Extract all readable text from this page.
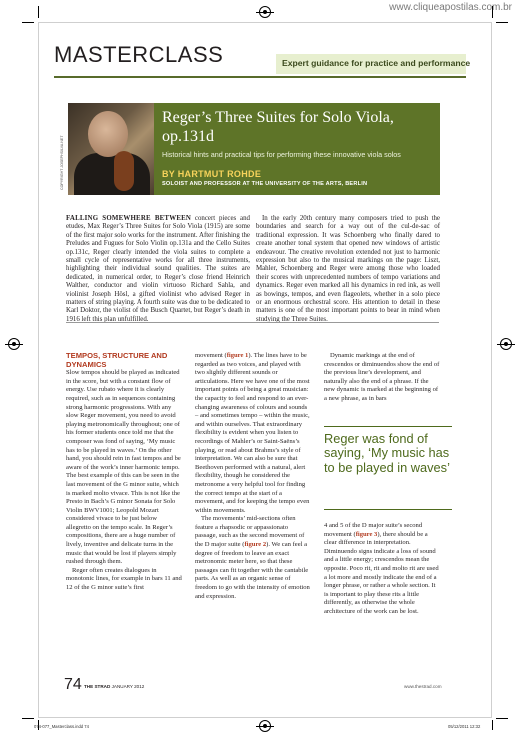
www.cliqueapostilas.com.br
MASTERCLASS	Expert guidance for practice and performance
COPYRIGHT JOSEPHSILVA.NET
Reger’s Three Suites for Solo Viola, op.131d
Historical hints and practical tips for performing these innovative viola solos
BY HARTMUT ROHDE
SOLOIST AND PROFESSOR AT THE UNIVERSITY OF THE ARTS, BERLIN
FALLING SOMEWHERE BETWEEN concert pieces and etudes, Max Reger’s Three Suites for Solo Viola (1915) are some of the first major solo works for the instrument. After finishing the Preludes and Fugues for Solo Violin op.131a and the Cello Suites op.131c, Reger clearly intended the viola suites to complete a small cycle of representative works for all three instruments, highlighting their individual sound qualities. The suites are dedicated, in numerical order, to Reger’s close friend Heinrich Walther, conductor and violin virtuoso Richard Sahla, and violinist Joseph Hösl, a gifted violinist who advised Reger in matters of string playing. A fourth suite was due to be dedicated to Karl Doktor, the violist of the Busch Quartet, but Reger’s death in 1916 left this plan unfulfilled.
In the early 20th century many composers tried to push the boundaries and search for a way out of the cul-de-sac of traditional expression. It was Schoenberg who finally dared to create another tonal system that opened new windows of artistic endeavour. The creative revolution extended not just to harmonic expression but also to the musical markings on the page: Liszt, Mahler, Schoenberg and Reger were among those who loaded their scores with unprecedented numbers of tempo variations and dynamics. Reger even marked all his dynamics in red ink, as well as bowings, tempos, and even flageolets, whether in a solo piece or an enormous orchestral score. His attention to detail in these matters is one of the most important points to bear in mind when studying the Three Suites.
TEMPOS, STRUCTURE AND DYNAMICS

Slow tempos should be played as indicated in the score, but with a constant flow of energy. Use rubato where it is clearly required, such as in sequences containing strong harmonic progressions. With any slow Reger movement, you need to avoid playing metronomically throughout; one of his former students once told me that the composer was fond of saying, ‘My music has to be played in waves.’ On the other hand, you should rein in fast tempos and be aware of the work’s inner harmonic tempo. The best example of this can be seen in the last movement of the G minor suite, which is marked molto vivace. This is not like the Presto in Bach’s G minor Sonata for Solo Violin BWV1001; Leopold Mozart considered vivace to be just below allegretto on the tempo scale. In Reger’s compositions, there are a huge number of lively, inventive and delicate turns in the music that would be lost if players simply rushed through them.

Reger often creates dialogues in monotonic lines, for example in bars 11 and 12 of the G minor suite’s first

movement (figure 1). The lines have to be regarded as two voices, and played with two slightly different sounds or articulations. Here we have one of the most important points of being a great musician: the capacity to feel and respond to an ever-changing awareness of colours and sounds – and sometimes tempo – within the music, and within ourselves. That extraordinary flexibility is evident when you listen to recordings of Mahler’s or Saint-Saëns’s playing, or read about Brahms’s style of interpretation. We can also be sure that Beethoven performed with a natural, alert flexibility, though he considered the metronome a very helpful tool for finding the correct tempo at the start of a movement, and for keeping the tempo even within movements.

The movements’ mid-sections often feature a rhapsodic or appassionato passage, such as the second movement of the D major suite (figure 2). We can feel a degree of freedom to leave an exact metronomic meter here, so that these passages can fit together with the cantabile parts. As well as an organic sense of freedom to go with the intensity of emotion and expression.

Dynamic markings at the end of crescendos or diminuendos show the end of the previous line’s development, and naturally also the end of a phrase. If the new dynamic is marked at the beginning of a new phrase, as in bars

Reger was fond of saying, ‘My music has to be played in waves’

4 and 5 of the D major suite’s second movement (figure 3), there should be a clear difference in interpretation. Diminuendo signs indicate a loss of sound and a little energy; crescendos mean the opposite. Poco rit, rit and molto rit are used a lot more and mostly indicate the end of a longer phrase, or rather a whole section. It is important to play these rits a little differently, as otherwise the whole architecture of the work can be lost.

74 THE STRAD JANUARY 2012	www.thestrad.com
074-077_Masterclass.indd 74	05/12/2011 12:32
